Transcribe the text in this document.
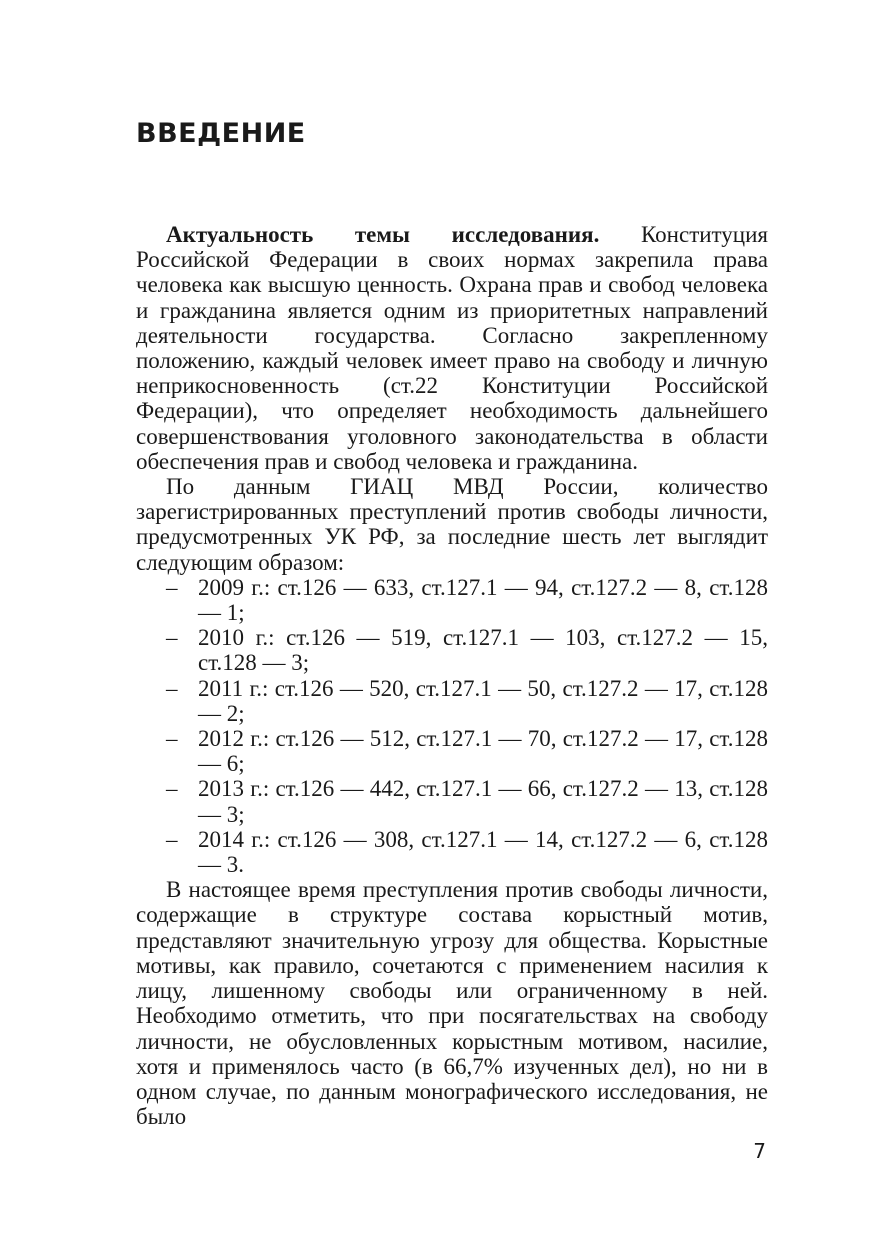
ВВЕДЕНИЕ

Актуальность темы исследования. Конституция Российской Федерации в своих нормах закрепила права человека как высшую ценность. Охрана прав и свобод человека и гражданина является одним из приоритетных направлений деятельности государства. Согласно закрепленному положению, каждый человек имеет право на свободу и личную неприкосновенность (ст.22 Конституции Российской Федерации), что определяет необходимость дальнейшего совершенствования уголовного законодательства в области обеспечения прав и свобод человека и гражданина.

По данным ГИАЦ МВД России, количество зарегистрированных преступлений против свободы личности, предусмотренных УК РФ, за последние шесть лет выглядит следующим образом:

– 2009 г.: ст.126 — 633, ст.127.1 — 94, ст.127.2 — 8, ст.128 — 1;
– 2010 г.: ст.126 — 519, ст.127.1 — 103, ст.127.2 — 15, ст.128 — 3;
– 2011 г.: ст.126 — 520, ст.127.1 — 50, ст.127.2 — 17, ст.128 — 2;
– 2012 г.: ст.126 — 512, ст.127.1 — 70, ст.127.2 — 17, ст.128 — 6;
– 2013 г.: ст.126 — 442, ст.127.1 — 66, ст.127.2 — 13, ст.128 — 3;
– 2014 г.: ст.126 — 308, ст.127.1 — 14, ст.127.2 — 6, ст.128 — 3.

В настоящее время преступления против свободы личности, содержащие в структуре состава корыстный мотив, представляют значительную угрозу для общества. Корыстные мотивы, как правило, сочетаются с применением насилия к лицу, лишенному свободы или ограниченному в ней. Необходимо отметить, что при посягательствах на свободу личности, не обусловленных корыстным мотивом, насилие, хотя и применялось часто (в 66,7% изученных дел), но ни в одном случае, по данным монографического исследования, не было

7
